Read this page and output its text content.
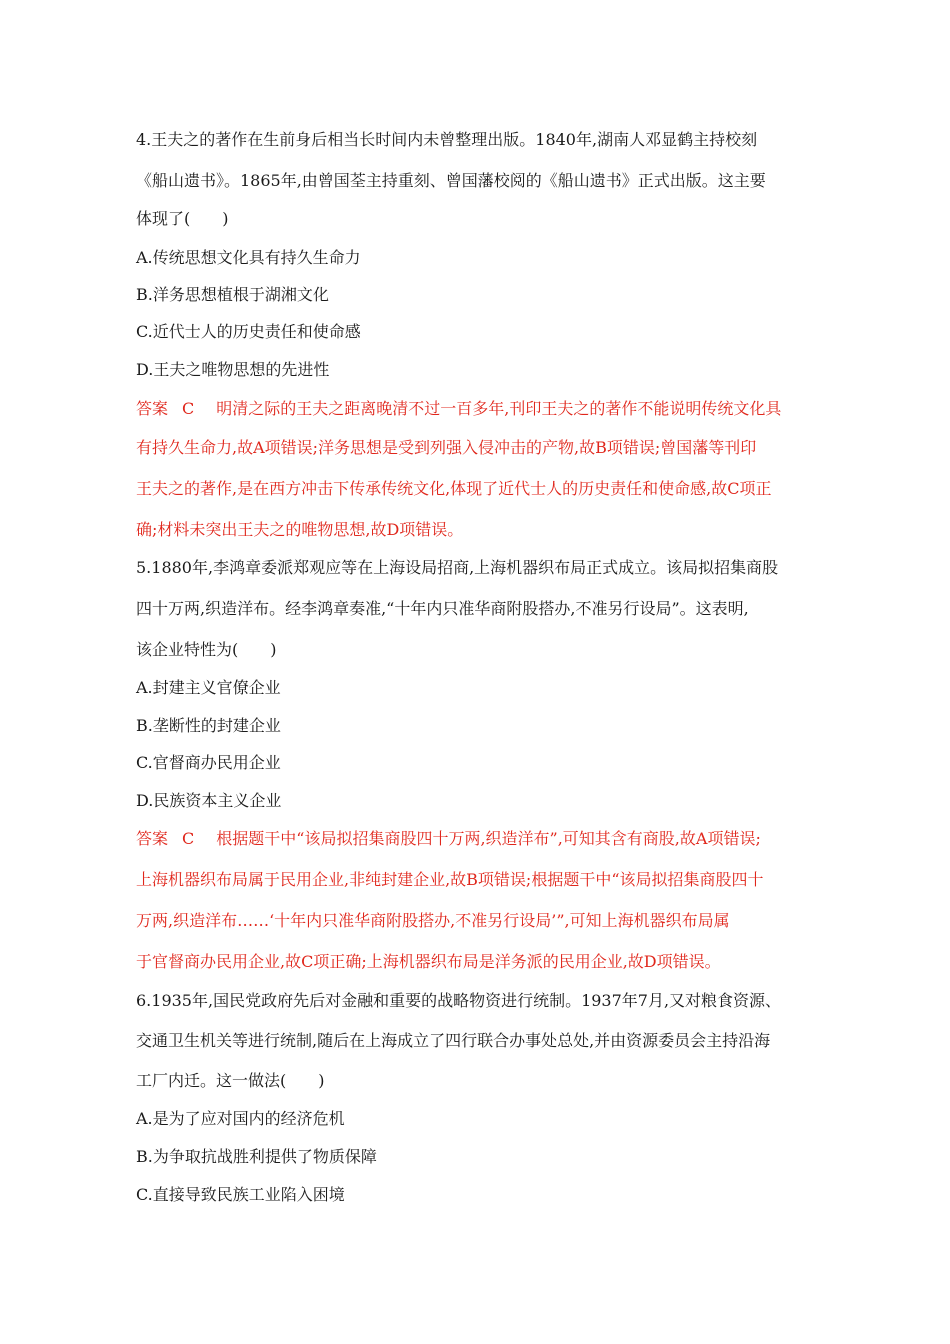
4.王夫之的著作在生前身后相当长时间内未曾整理出版。1840年,湖南人邓显鹤主持校刻
《船山遗书》。1865年,由曾国荃主持重刻、曾国藩校阅的《船山遗书》正式出版。这主要
体现了(　　)
A.传统思想文化具有持久生命力
B.洋务思想植根于湖湘文化
C.近代士人的历史责任和使命感
D.王夫之唯物思想的先进性
答案 C 明清之际的王夫之距离晚清不过一百多年,刊印王夫之的著作不能说明传统文化具
有持久生命力,故A项错误;洋务思想是受到列强入侵冲击的产物,故B项错误;曾国藩等刊印
王夫之的著作,是在西方冲击下传承传统文化,体现了近代士人的历史责任和使命感,故C项正
确;材料未突出王夫之的唯物思想,故D项错误。
5.1880年,李鸿章委派郑观应等在上海设局招商,上海机器织布局正式成立。该局拟招集商股
四十万两,织造洋布。经李鸿章奏准,“十年内只准华商附股搭办,不准另行设局”。这表明,
该企业特性为(　　)
A.封建主义官僚企业
B.垄断性的封建企业
C.官督商办民用企业
D.民族资本主义企业
答案 C 根据题干中“该局拟招集商股四十万两,织造洋布”,可知其含有商股,故A项错误;
上海机器织布局属于民用企业,非纯封建企业,故B项错误;根据题干中“该局拟招集商股四十
万两,织造洋布……‘十年内只准华商附股搭办,不准另行设局’”,可知上海机器织布局属
于官督商办民用企业,故C项正确;上海机器织布局是洋务派的民用企业,故D项错误。
6.1935年,国民党政府先后对金融和重要的战略物资进行统制。1937年7月,又对粮食资源、
交通卫生机关等进行统制,随后在上海成立了四行联合办事处总处,并由资源委员会主持沿海
工厂内迁。这一做法(　　)
A.是为了应对国内的经济危机
B.为争取抗战胜利提供了物质保障
C.直接导致民族工业陷入困境
